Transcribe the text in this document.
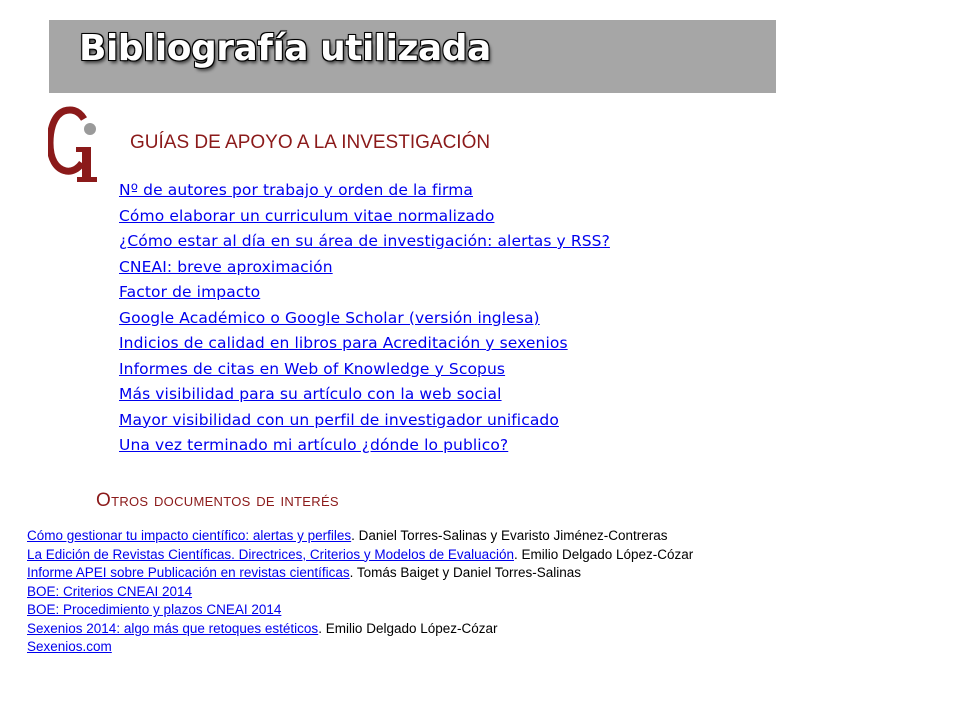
Bibliografía utilizada
GUÍAS DE APOYO A LA INVESTIGACIÓN
Nº de autores por trabajo y orden de la firma
Cómo elaborar un curriculum vitae normalizado
¿Cómo estar al día en su área de investigación: alertas y RSS?
CNEAI: breve aproximación
Factor de impacto
Google Académico o Google Scholar (versión inglesa)
Indicios de calidad en libros para Acreditación y sexenios
Informes de citas en Web of Knowledge y Scopus
Más visibilidad para su artículo con la web social
Mayor visibilidad con un perfil de investigador unificado
Una vez terminado mi artículo ¿dónde lo publico?
Otros documentos de interés
Cómo gestionar tu impacto científico: alertas y perfiles. Daniel Torres-Salinas y Evaristo Jiménez-Contreras
La Edición de Revistas Científicas. Directrices, Criterios y Modelos de Evaluación. Emilio Delgado López-Cózar
Informe APEI sobre Publicación en revistas científicas. Tomás Baiget y Daniel Torres-Salinas
BOE: Criterios CNEAI 2014
BOE: Procedimiento y plazos CNEAI 2014
Sexenios 2014: algo más que retoques estéticos. Emilio Delgado López-Cózar
Sexenios.com
